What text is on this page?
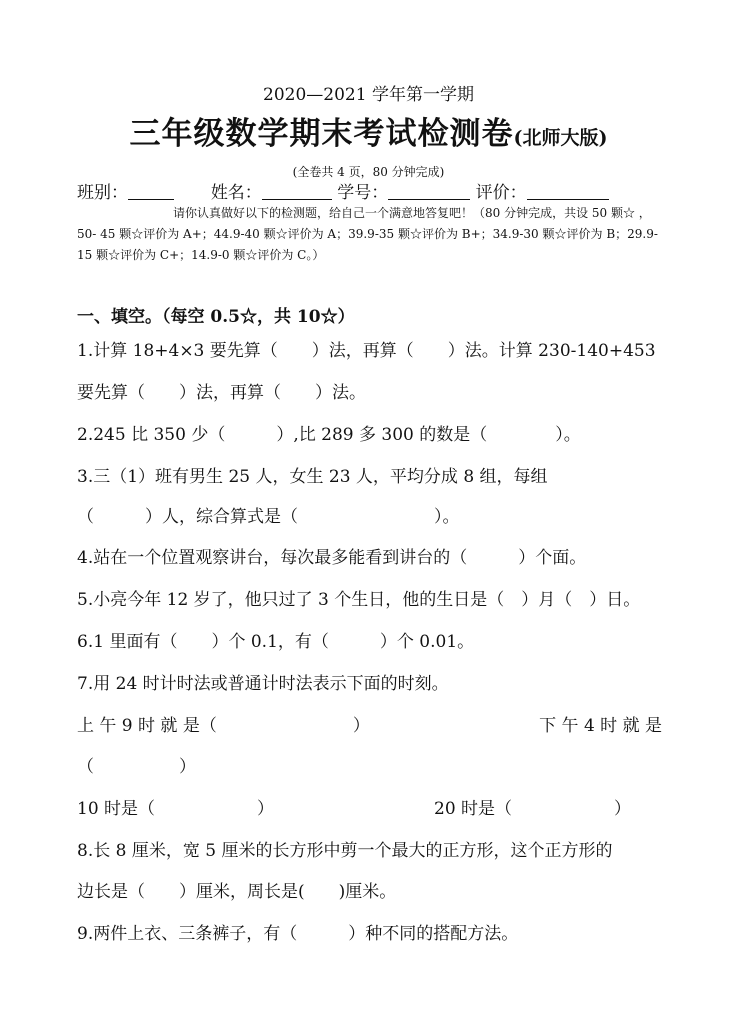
2020—2021 学年第一学期
三年级数学期末考试检测卷(北师大版)
(全卷共 4 页，80 分钟完成)
班别：	姓名：	学号：	评价：
请你认真做好以下的检测题，给自己一个满意地答复吧！（80 分钟完成，共设 50 颗☆ ，50- 45 颗☆评价为 A+；44.9-40 颗☆评价为 A；39.9-35 颗☆评价为 B+；34.9-30 颗☆评价为 B；29.9-15 颗☆评价为 C+；14.9-0 颗☆评价为 C。）
一、填空。（每空 0.5☆，共 10☆）
1.计算 18+4×3 要先算（　　）法，再算（　　）法。计算 230-140+453
要先算（　　）法，再算（　　）法。
2.245 比 350 少（　　　）,比 289 多 300 的数是（　　　　）。
3.三（1）班有男生 25 人，女生 23 人，平均分成 8 组，每组
（　　　）人，综合算式是（　　　　　　　　）。
4.站在一个位置观察讲台，每次最多能看到讲台的（　　　）个面。
5.小亮今年 12 岁了，他只过了 3 个生日，他的生日是（　）月（　）日。
6.1 里面有（　　）个 0.1，有（　　　）个 0.01。
7.用 24 时计时法或普通计时法表示下面的时刻。
上 午 9 时 就 是（　　　　　　　　）	下 午 4 时 就 是
（　　　　　）
10 时是（　　　　　　）	20 时是（　　　　　　）
8.长 8 厘米，宽 5 厘米的长方形中剪一个最大的正方形，这个正方形的
边长是（　　）厘米，周长是(　　)厘米。
9.两件上衣、三条裤子，有（　　　）种不同的搭配方法。
